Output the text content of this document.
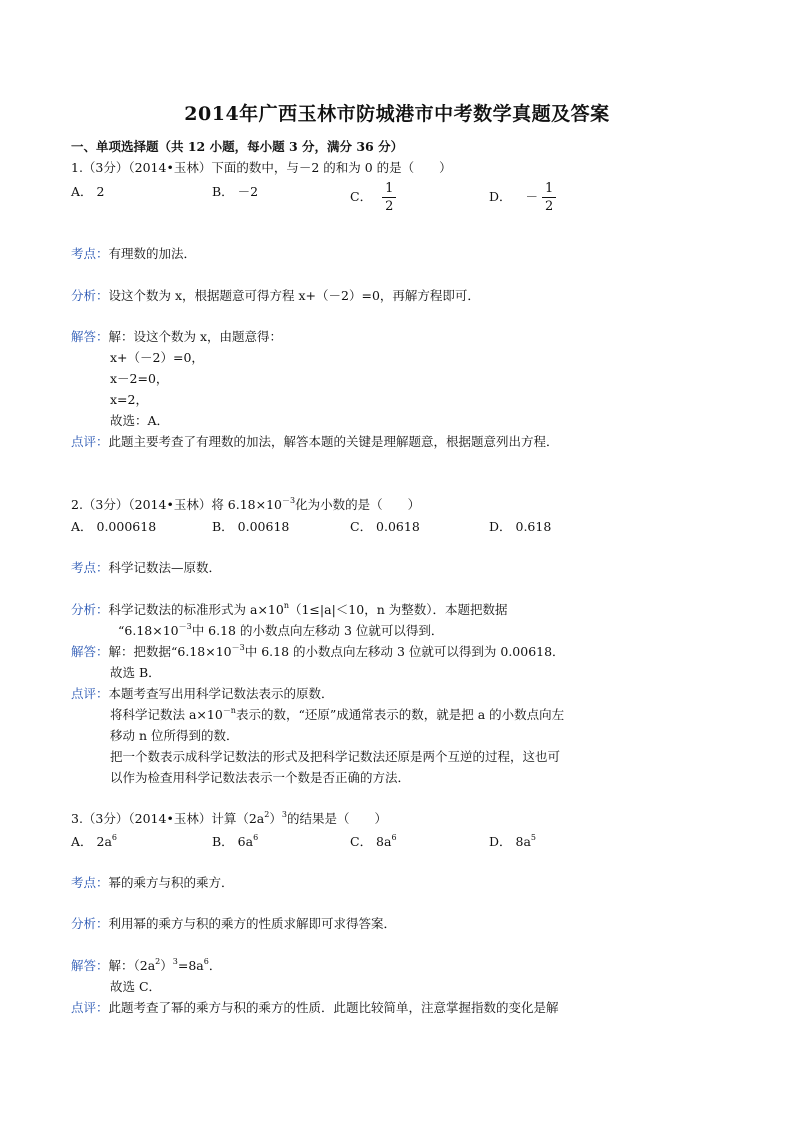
2014年广西玉林市防城港市中考数学真题及答案
一、单项选择题（共 12 小题，每小题 3 分，满分 36 分）
1.（3分）（2014•玉林）下面的数中，与－2 的和为 0 的是（　　）
A． 2	B． －2	C． $\frac{1}{2}$	D． － $\frac{1}{2}$
考点：有理数的加法．
分析：设这个数为 x，根据题意可得方程 x+（－2）=0，再解方程即可．
解答：解：设这个数为 x，由题意得：
x+（－2）=0，
x－2=0，
x=2，
故选：A．
点评：此题主要考查了有理数的加法，解答本题的关键是理解题意，根据题意列出方程．
2.（3分）（2014•玉林）将 $6.18\times 10^{-3}$化为小数的是（　　）
A． 0.000618	B． 0.00618	C． 0.0618	D． 0.618
考点：科学记数法—原数．
分析：科学记数法的标准形式为 $a\times 10^n(1\le|a|<10$，n 为整数）．本题把数据
“$6.18\times 10^{-3}$中 6.18 的小数点向左移动 3 位就可以得到．
解答：解：把数据“$6.18\times 10^{-3}$中 6.18 的小数点向左移动 3 位就可以得到为 0.00618．
故选 B．
点评：本题考查写出用科学记数法表示的原数．
将科学记数法 $a\times 10^{-n}$表示的数，“还原”成通常表示的数，就是把 a 的小数点向左
移动 n 位所得到的数．
把一个数表示成科学记数法的形式及把科学记数法还原是两个互逆的过程，这也可
以作为检查用科学记数法表示一个数是否正确的方法．
3.（3分）（2014•玉林）计算$(2a^2)^3$的结果是（　　）
A． $2a^6$	B． $6a^6$	C． $8a^6$	D． $8a^5$
考点：幂的乘方与积的乘方．
分析：利用幂的乘方与积的乘方的性质求解即可求得答案．
解答：解：$(2a^2)^3=8a^6$．
故选 C．
点评：此题考查了幂的乘方与积的乘方的性质．此题比较简单，注意掌握指数的变化是解
